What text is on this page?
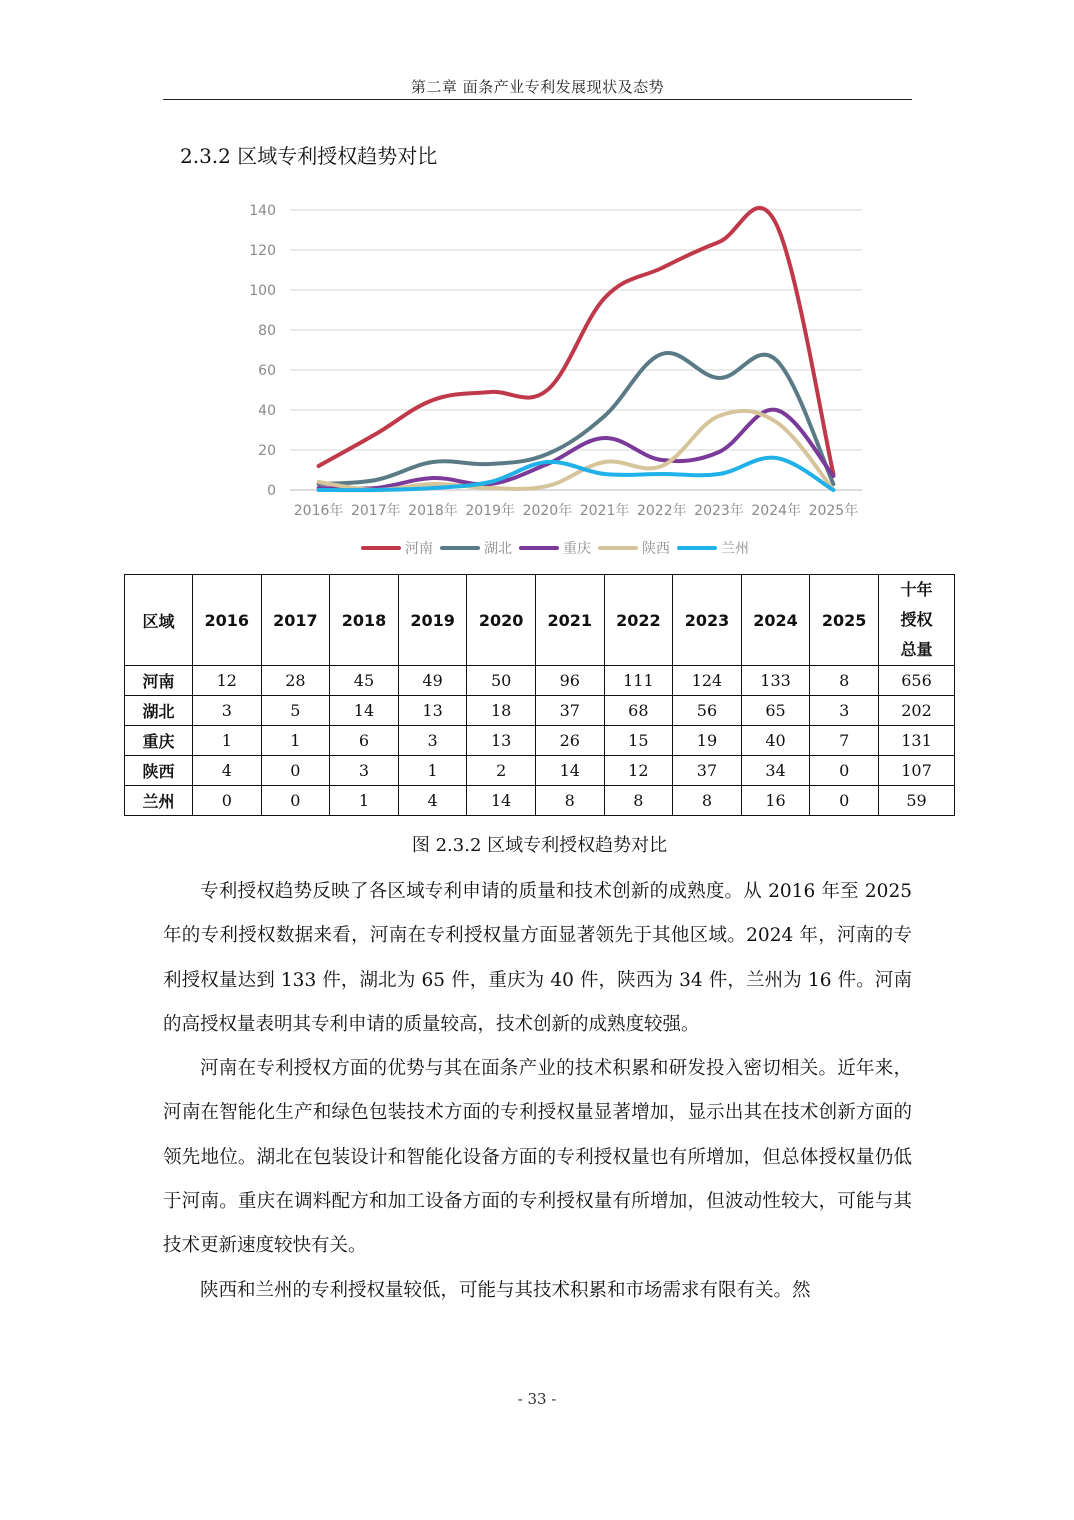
第二章 面条产业专利发展现状及态势
2.3.2 区域专利授权趋势对比
0
20
40
60
80
100
120
140
2016年 2017年 2018年 2019年 2020年 2021年 2022年 2023年 2024年 2025年
河南	湖北	重庆	陕西	兰州
区域	2016	2017	2018	2019	2020	2021	2022	2023	2024	2025	十年授权总量
河南	12	28	45	49	50	96	111	124	133	8	656
湖北	3	5	14	13	18	37	68	56	65	3	202
重庆	1	1	6	3	13	26	15	19	40	7	131
陕西	4	0	3	1	2	14	12	37	34	0	107
兰州	0	0	1	4	14	8	8	8	16	0	59
图 2.3.2 区域专利授权趋势对比

专利授权趋势反映了各区域专利申请的质量和技术创新的成熟度。从 2016 年至 2025 年的专利授权数据来看，河南在专利授权量方面显著领先于其他区域。2024 年，河南的专利授权量达到 133 件，湖北为 65 件，重庆为 40 件，陕西为 34 件，兰州为 16 件。河南的高授权量表明其专利申请的质量较高，技术创新的成熟度较强。

河南在专利授权方面的优势与其在面条产业的技术积累和研发投入密切相关。近年来，河南在智能化生产和绿色包装技术方面的专利授权量显著增加，显示出其在技术创新方面的领先地位。湖北在包装设计和智能化设备方面的专利授权量也有所增加，但总体授权量仍低于河南。重庆在调料配方和加工设备方面的专利授权量有所增加，但波动性较大，可能与其技术更新速度较快有关。

陕西和兰州的专利授权量较低，可能与其技术积累和市场需求有限有关。然

- 33 -
